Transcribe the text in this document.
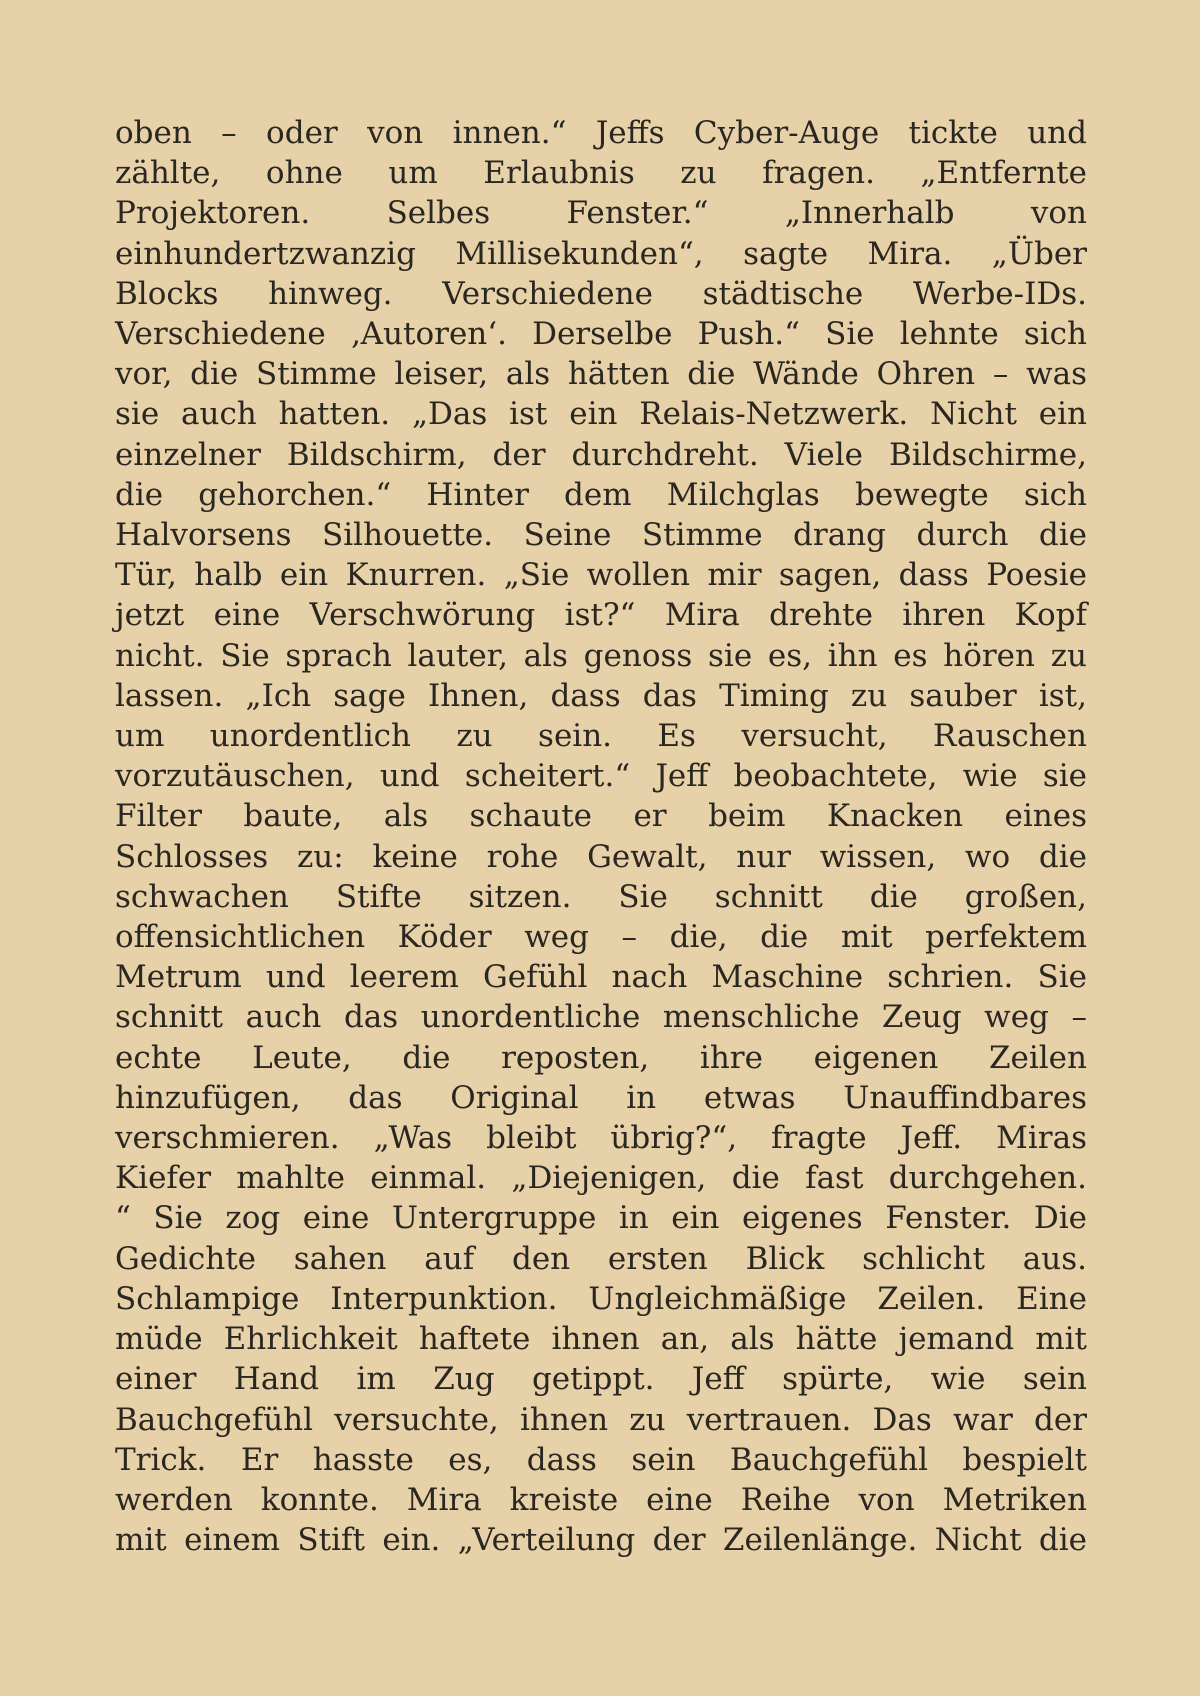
oben – oder von innen.“ Jeffs Cyber-Auge tickte und
zählte, ohne um Erlaubnis zu fragen. „Entfernte
Projektoren. Selbes Fenster.“ „Innerhalb von
einhundertzwanzig Millisekunden“, sagte Mira. „Über
Blocks hinweg. Verschiedene städtische Werbe-IDs.
Verschiedene ‚Autoren‘. Derselbe Push.“ Sie lehnte sich
vor, die Stimme leiser, als hätten die Wände Ohren – was
sie auch hatten. „Das ist ein Relais-Netzwerk. Nicht ein
einzelner Bildschirm, der durchdreht. Viele Bildschirme,
die gehorchen.“ Hinter dem Milchglas bewegte sich
Halvorsens Silhouette. Seine Stimme drang durch die
Tür, halb ein Knurren. „Sie wollen mir sagen, dass Poesie
jetzt eine Verschwörung ist?“ Mira drehte ihren Kopf
nicht. Sie sprach lauter, als genoss sie es, ihn es hören zu
lassen. „Ich sage Ihnen, dass das Timing zu sauber ist,
um unordentlich zu sein. Es versucht, Rauschen
vorzutäuschen, und scheitert.“ Jeff beobachtete, wie sie
Filter baute, als schaute er beim Knacken eines
Schlosses zu: keine rohe Gewalt, nur wissen, wo die
schwachen Stifte sitzen. Sie schnitt die großen,
offensichtlichen Köder weg – die, die mit perfektem
Metrum und leerem Gefühl nach Maschine schrien. Sie
schnitt auch das unordentliche menschliche Zeug weg –
echte Leute, die reposten, ihre eigenen Zeilen
hinzufügen, das Original in etwas Unauffindbares
verschmieren. „Was bleibt übrig?“, fragte Jeff. Miras
Kiefer mahlte einmal. „Diejenigen, die fast durchgehen.
“ Sie zog eine Untergruppe in ein eigenes Fenster. Die
Gedichte sahen auf den ersten Blick schlicht aus.
Schlampige Interpunktion. Ungleichmäßige Zeilen. Eine
müde Ehrlichkeit haftete ihnen an, als hätte jemand mit
einer Hand im Zug getippt. Jeff spürte, wie sein
Bauchgefühl versuchte, ihnen zu vertrauen. Das war der
Trick. Er hasste es, dass sein Bauchgefühl bespielt
werden konnte. Mira kreiste eine Reihe von Metriken
mit einem Stift ein. „Verteilung der Zeilenlänge. Nicht die
